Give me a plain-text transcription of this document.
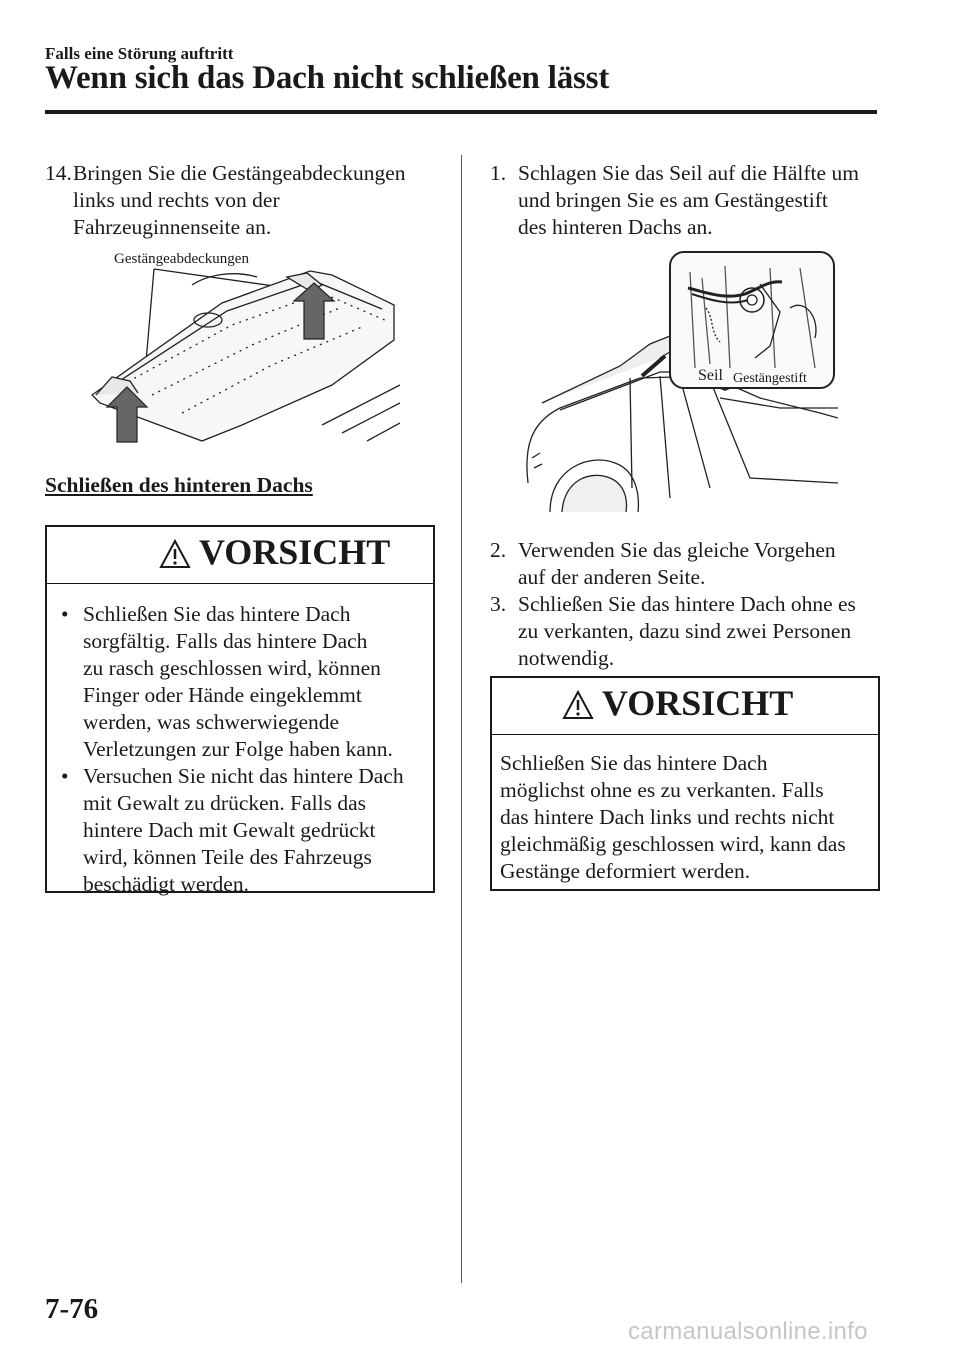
Falls eine Störung auftritt
Wenn sich das Dach nicht schließen lässt
14. Bringen Sie die Gestängeabdeckungen
links und rechts von der
Fahrzeuginnenseite an.
Gestängeabdeckungen
Schließen des hinteren Dachs
VORSICHT
• Schließen Sie das hintere Dach
sorgfältig. Falls das hintere Dach
zu rasch geschlossen wird, können
Finger oder Hände eingeklemmt
werden, was schwerwiegende
Verletzungen zur Folge haben kann.
• Versuchen Sie nicht das hintere Dach
mit Gewalt zu drücken. Falls das
hintere Dach mit Gewalt gedrückt
wird, können Teile des Fahrzeugs
beschädigt werden.
1. Schlagen Sie das Seil auf die Hälfte um
und bringen Sie es am Gestängestift
des hinteren Dachs an.
Seil Gestängestift
2. Verwenden Sie das gleiche Vorgehen
auf der anderen Seite.
3. Schließen Sie das hintere Dach ohne es
zu verkanten, dazu sind zwei Personen
notwendig.
VORSICHT
Schließen Sie das hintere Dach
möglichst ohne es zu verkanten. Falls
das hintere Dach links und rechts nicht
gleichmäßig geschlossen wird, kann das
Gestänge deformiert werden.
7-76
carmanualsonline.info
